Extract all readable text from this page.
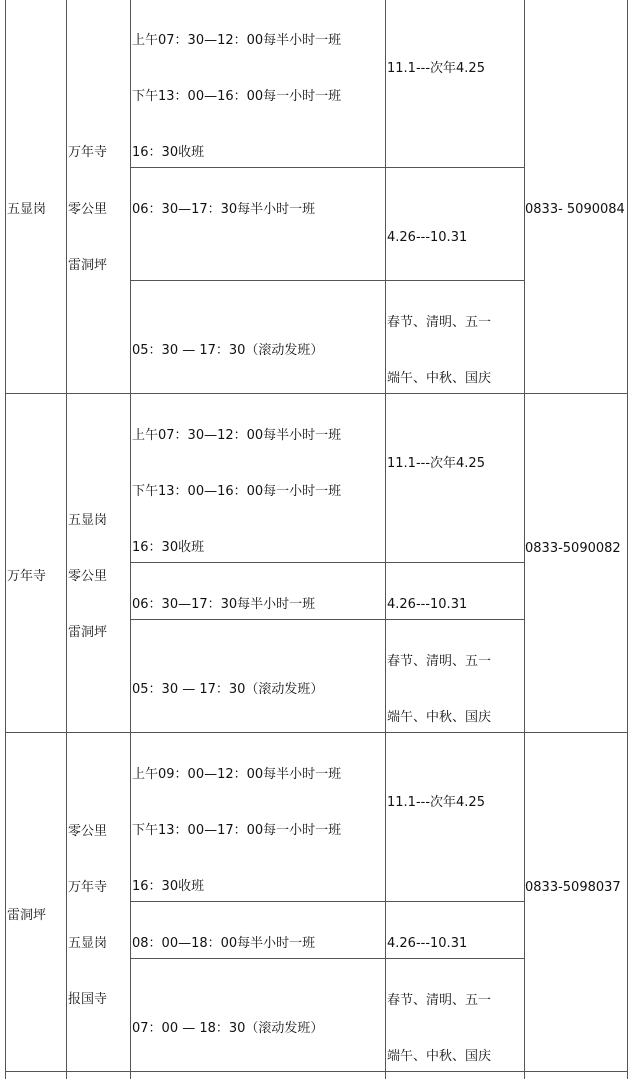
五显岗
万年寺
零公里
雷洞坪
0833- 5090084
上午07：30—12：00每半小时一班
下午13：00—16：00每一小时一班
16：30收班
11.1---次年4.25
06：30—17：30每半小时一班
4.26---10.31
05：30 — 17：30（滚动发班）
春节、清明、五一
端午、中秋、国庆
万年寺
五显岗
零公里
雷洞坪
0833-5090082
上午07：30—12：00每半小时一班
下午13：00—16：00每一小时一班
16：30收班
11.1---次年4.25
06：30—17：30每半小时一班	4.26---10.31
05：30 — 17：30（滚动发班）
春节、清明、五一
端午、中秋、国庆
雷洞坪
零公里
万年寺
五显岗
报国寺
0833-5098037
上午09：00—12：00每半小时一班
下午13：00—17：00每一小时一班
16：30收班
11.1---次年4.25
08：00—18：00每半小时一班	4.26---10.31
07：00 — 18：30（滚动发班）
春节、清明、五一
端午、中秋、国庆
